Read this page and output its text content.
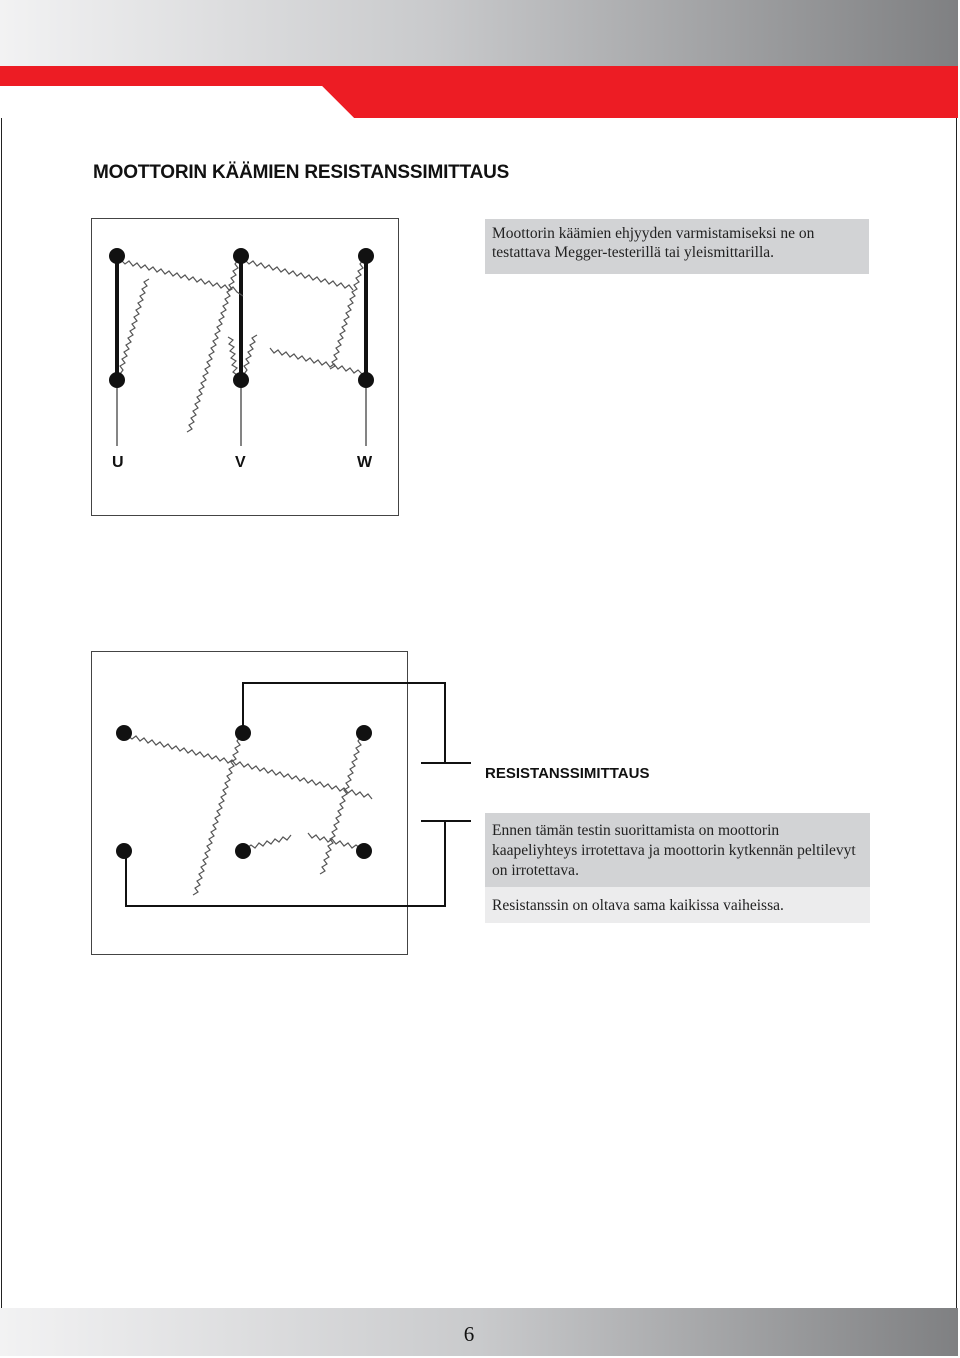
MOOTTORIN KÄÄMIEN RESISTANSSIMITTAUS
Moottorin käämien ehjyyden varmistamiseksi ne on testattava Megger-testerillä tai yleismittarilla.
U	V	W
RESISTANSSIMITTAUS
Ennen tämän testin suorittamista on moottorin kaapeliyhteys irrotettava ja moottorin kytkennän peltilevyt on irrotettava.
Resistanssin on oltava sama kaikissa vaiheissa.
6
